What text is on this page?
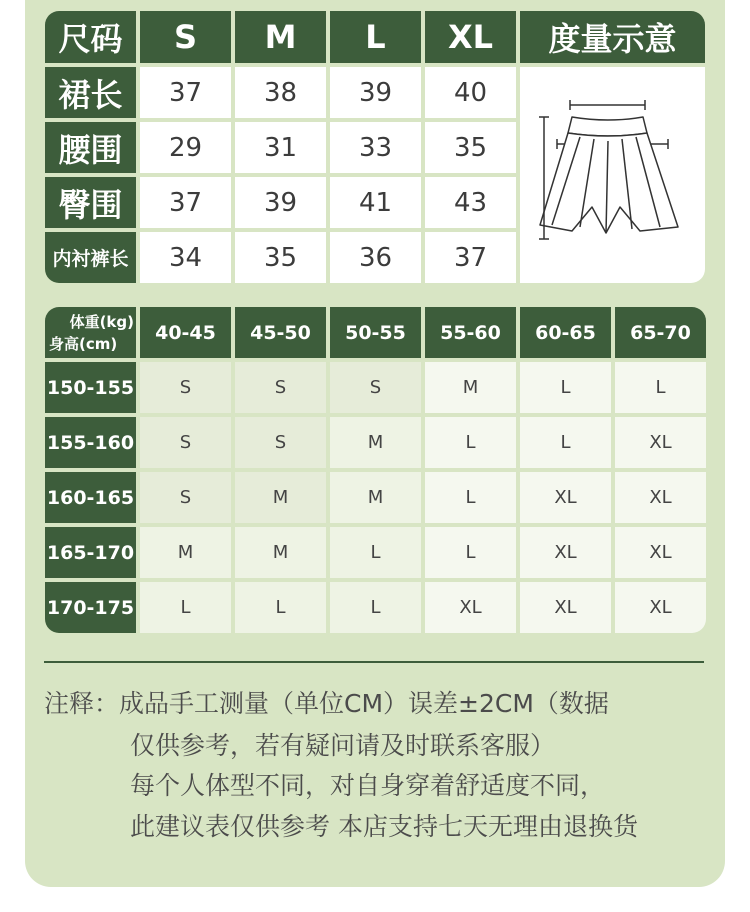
尺码	S	M	L	XL	度量示意
裙长	37	38	39	40
腰围	29	31	33	35
臀围	37	39	41	43
内衬裤长	34	35	36	37
体重(kg)
身高(cm)	40-45	45-50	50-55	55-60	60-65	65-70
150-155	S	S	S	M	L	L
155-160	S	S	M	L	L	XL
160-165	S	M	M	L	XL	XL
165-170	M	M	L	L	XL	XL
170-175	L	L	L	XL	XL	XL
注释：成品手工测量（单位CM）误差±2CM（数据
仅供参考，若有疑问请及时联系客服）
每个人体型不同，对自身穿着舒适度不同，
此建议表仅供参考 本店支持七天无理由退换货
